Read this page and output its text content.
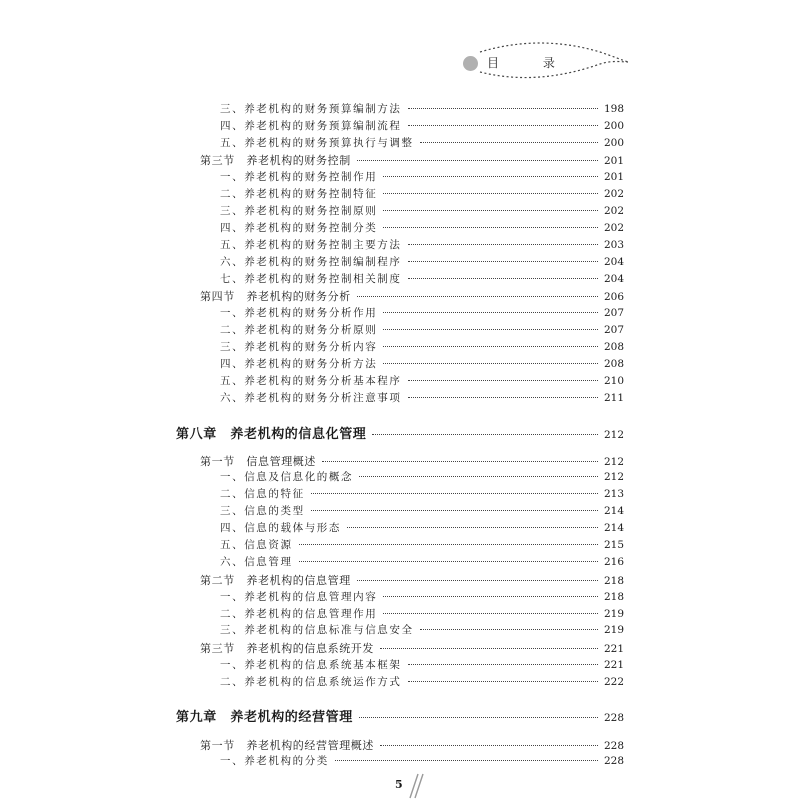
目 录
三、养老机构的财务预算编制方法	198
四、养老机构的财务预算编制流程	200
五、养老机构的财务预算执行与调整	200
第三节　养老机构的财务控制	201
一、养老机构的财务控制作用	201
二、养老机构的财务控制特征	202
三、养老机构的财务控制原则	202
四、养老机构的财务控制分类	202
五、养老机构的财务控制主要方法	203
六、养老机构的财务控制编制程序	204
七、养老机构的财务控制相关制度	204
第四节　养老机构的财务分析	206
一、养老机构的财务分析作用	207
二、养老机构的财务分析原则	207
三、养老机构的财务分析内容	208
四、养老机构的财务分析方法	208
五、养老机构的财务分析基本程序	210
六、养老机构的财务分析注意事项	211
第八章　养老机构的信息化管理	212
第一节　信息管理概述	212
一、信息及信息化的概念	212
二、信息的特征	213
三、信息的类型	214
四、信息的载体与形态	214
五、信息资源	215
六、信息管理	216
第二节　养老机构的信息管理	218
一、养老机构的信息管理内容	218
二、养老机构的信息管理作用	219
三、养老机构的信息标准与信息安全	219
第三节　养老机构的信息系统开发	221
一、养老机构的信息系统基本框架	221
二、养老机构的信息系统运作方式	222
第九章　养老机构的经营管理	228
第一节　养老机构的经营管理概述	228
一、养老机构的分类	228
5
